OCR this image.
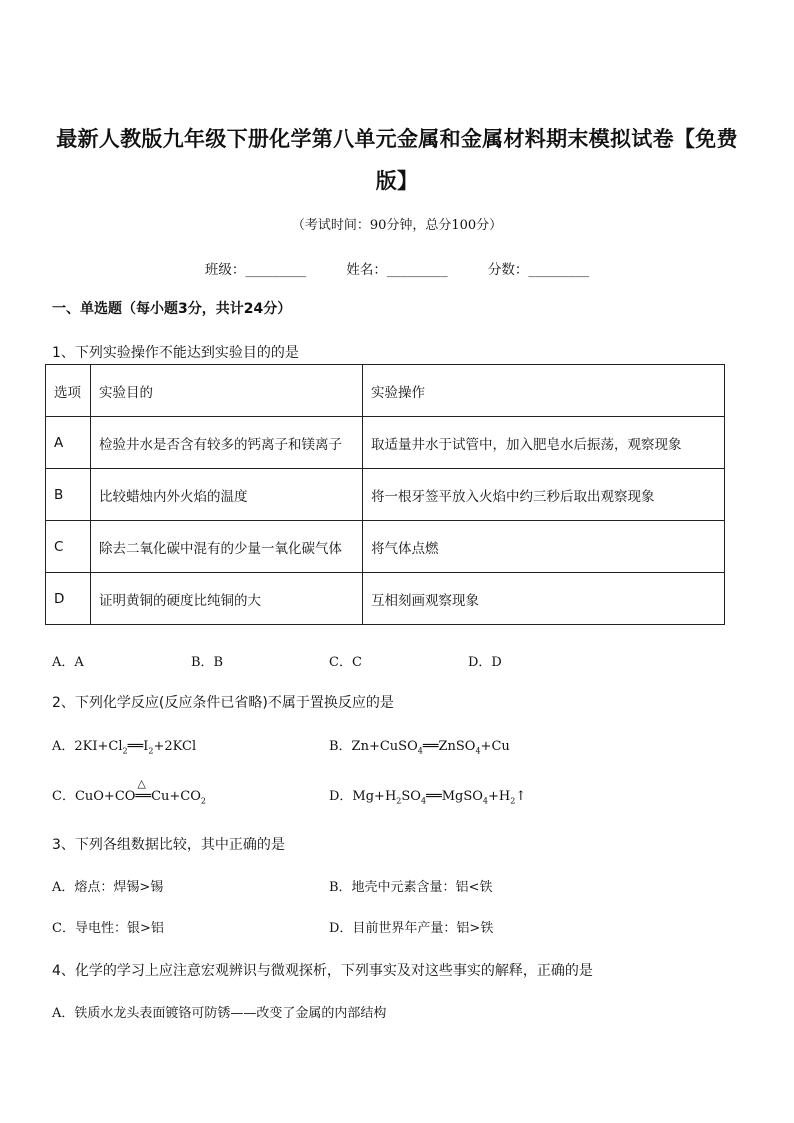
最新人教版九年级下册化学第八单元金属和金属材料期末模拟试卷【免费
版】
（考试时间：90分钟，总分100分）
班级：_________	姓名：_________	分数：_________
一、单选题（每小题3分，共计24分）
1、下列实验操作不能达到实验目的的是
选项	实验目的	实验操作
A	检验井水是否含有较多的钙离子和镁离子	取适量井水于试管中，加入肥皂水后振荡，观察现象
B	比较蜡烛内外火焰的温度	将一根牙签平放入火焰中约三秒后取出观察现象
C	除去二氧化碳中混有的少量一氧化碳气体	将气体点燃
D	证明黄铜的硬度比纯铜的大	互相刻画观察现象
A．A	B．B	C．C	D．D
2、下列化学反应(反应条件已省略)不属于置换反应的是
A．$2KI+Cl_2══I_2+2KCl$	B．Zn+CuSO$_4$══ZnSO$_4$+Cu
C．CuO+CO
△
$══Cu+CO_2$	D．$Mg+H_2SO_4══MgSO_4+H_2↑$
3、下列各组数据比较，其中正确的是
A．熔点：焊锡>锡	B．地壳中元素含量：铝<铁
C．导电性：银>铝	D．目前世界年产量：铝>铁
4、化学的学习上应注意宏观辨识与微观探析，下列事实及对这些事实的解释，正确的是
A．铁质水龙头表面镀铬可防锈——改变了金属的内部结构
